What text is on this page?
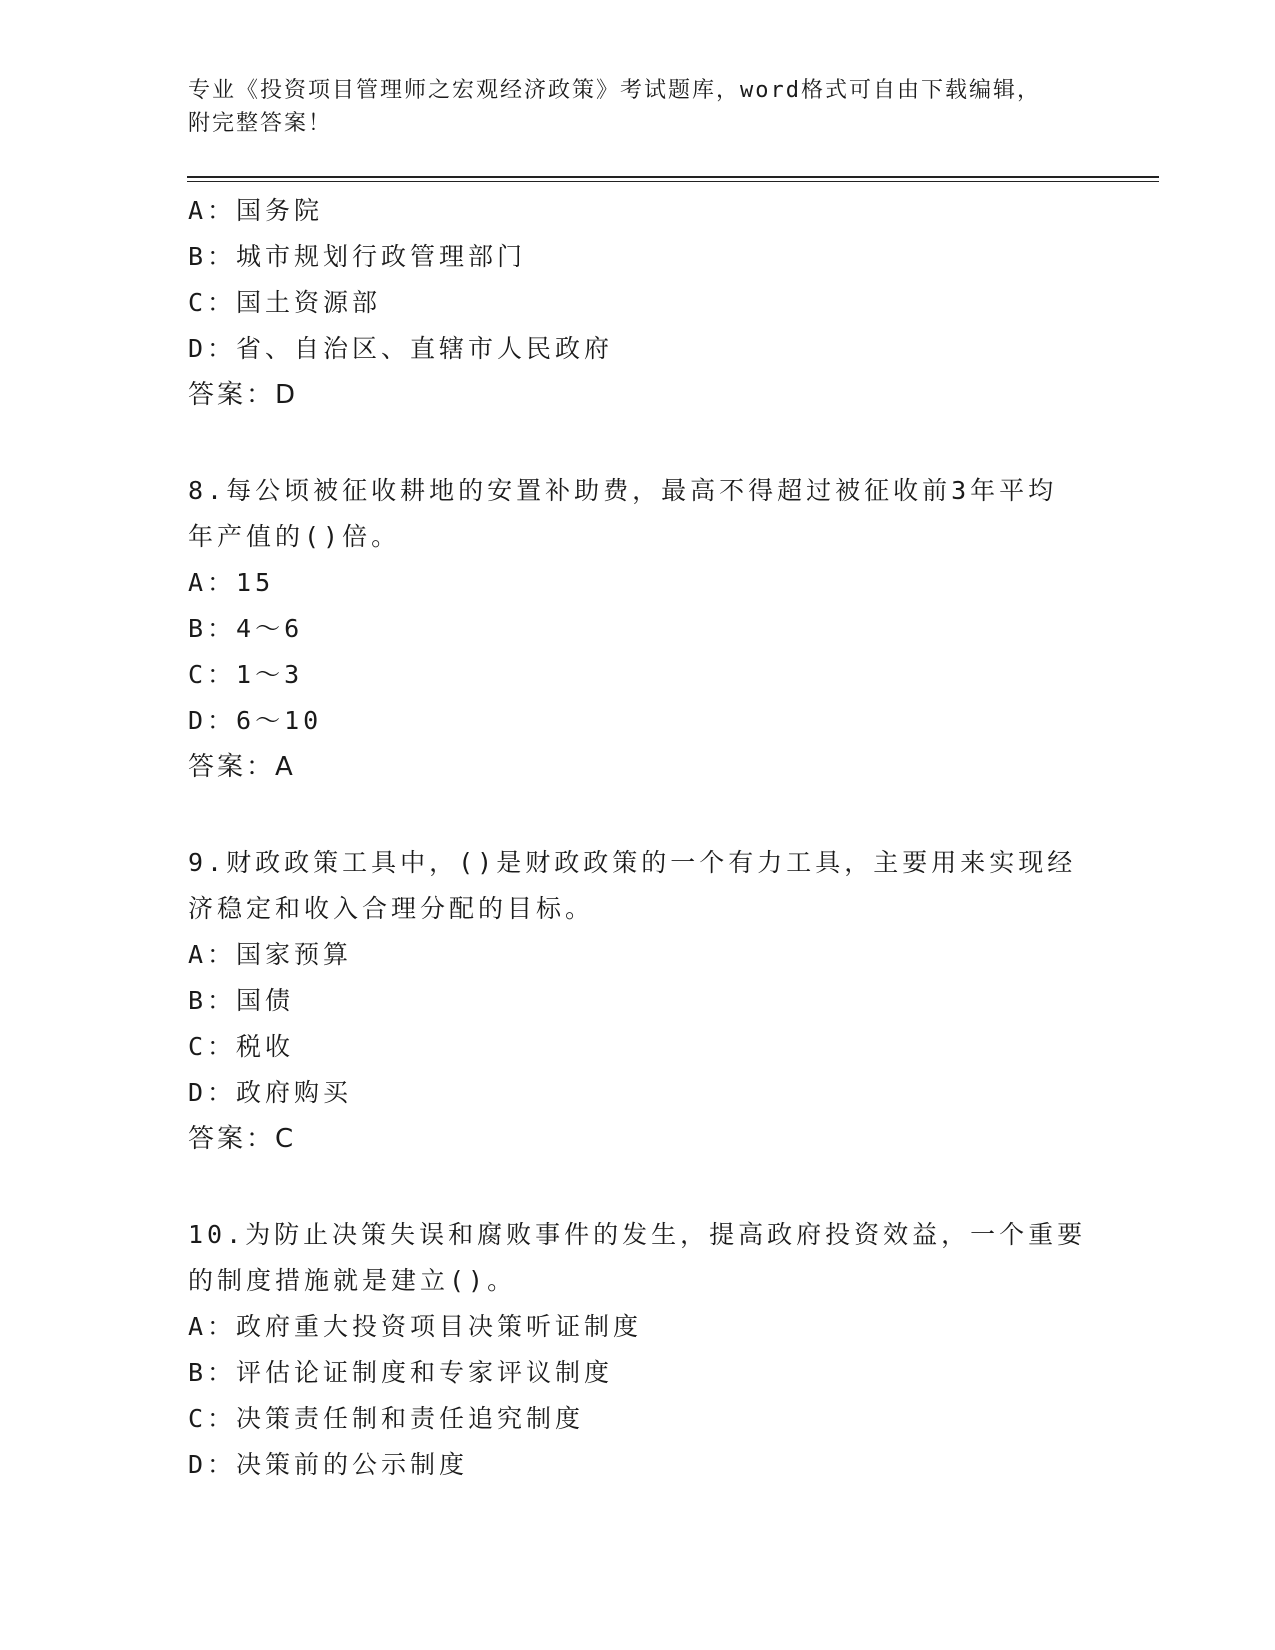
专业《投资项目管理师之宏观经济政策》考试题库，word格式可自由下载编辑，
附完整答案！
A：国务院
B：城市规划行政管理部门
C：国土资源部
D：省、自治区、直辖市人民政府
答案：D
8.每公顷被征收耕地的安置补助费，最高不得超过被征收前3年平均
年产值的()倍。
A：15
B：4～6
C：1～3
D：6～10
答案：A
9.财政政策工具中，()是财政政策的一个有力工具，主要用来实现经
济稳定和收入合理分配的目标。
A：国家预算
B：国债
C：税收
D：政府购买
答案：C
10.为防止决策失误和腐败事件的发生，提高政府投资效益，一个重要
的制度措施就是建立()。
A：政府重大投资项目决策听证制度
B：评估论证制度和专家评议制度
C：决策责任制和责任追究制度
D：决策前的公示制度
